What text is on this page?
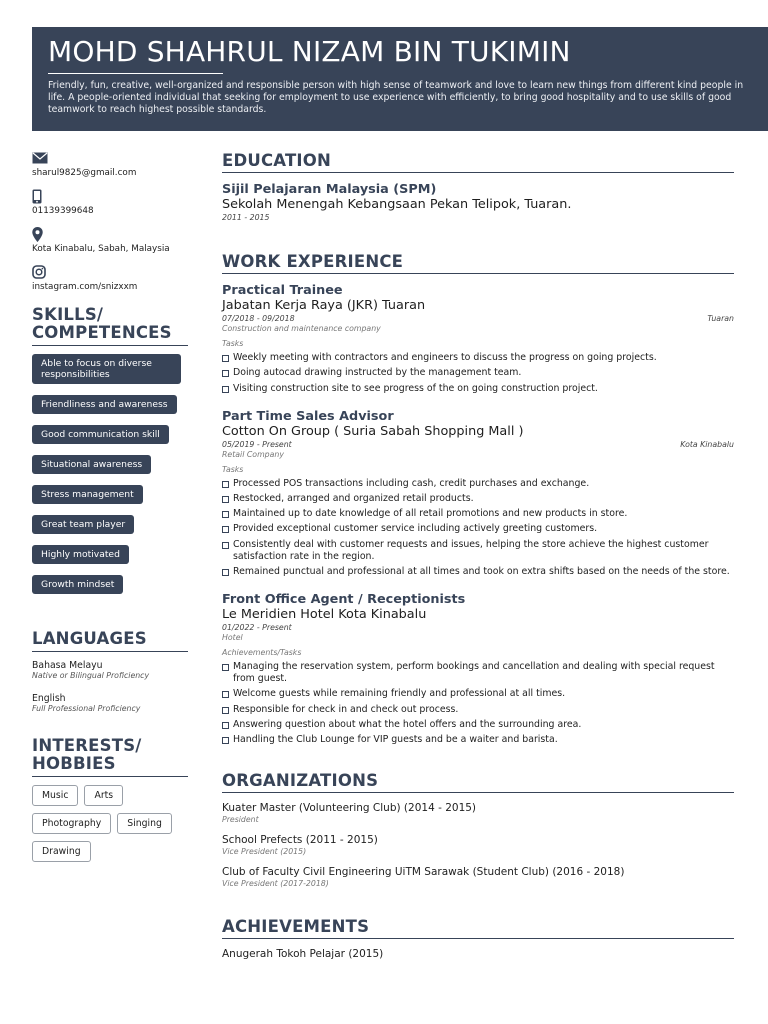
MOHD SHAHRUL NIZAM BIN TUKIMIN
Friendly, fun, creative, well-organized and responsible person with high sense of teamwork and love to learn new things from different kind people in life. A people-oriented individual that seeking for employment to use experience with efficiently, to bring good hospitality and to use skills of good teamwork to reach highest possible standards.
sharul9825@gmail.com
01139399648
Kota Kinabalu, Sabah, Malaysia
instagram.com/snizxxm
SKILLS/ COMPETENCES
Able to focus on diverse responsibilities
Friendliness and awareness
Good communication skill
Situational awareness
Stress management
Great team player
Highly motivated
Growth mindset
LANGUAGES
Bahasa Melayu
Native or Bilingual Proficiency
English
Full Professional Proficiency
INTERESTS/ HOBBIES
Music	Arts
Photography	Singing
Drawing
EDUCATION
Sijil Pelajaran Malaysia (SPM)
Sekolah Menengah Kebangsaan Pekan Telipok, Tuaran.
2011 - 2015
WORK EXPERIENCE
Practical Trainee
Jabatan Kerja Raya (JKR) Tuaran
07/2018 - 09/2018	Tuaran
Construction and maintenance company
Tasks
Weekly meeting with contractors and engineers to discuss the progress on going projects.
Doing autocad drawing instructed by the management team.
Visiting construction site to see progress of the on going construction project.
Part Time Sales Advisor
Cotton On Group ( Suria Sabah Shopping Mall )
05/2019 - Present	Kota Kinabalu
Retail Company
Tasks
Processed POS transactions including cash, credit purchases and exchange.
Restocked, arranged and organized retail products.
Maintained up to date knowledge of all retail promotions and new products in store.
Provided exceptional customer service including actively greeting customers.
Consistently deal with customer requests and issues, helping the store achieve the highest customer satisfaction rate in the region.
Remained punctual and professional at all times and took on extra shifts based on the needs of the store.
Front Office Agent / Receptionists
Le Meridien Hotel Kota Kinabalu
01/2022 - Present
Hotel
Achievements/Tasks
Managing the reservation system, perform bookings and cancellation and dealing with special request from guest.
Welcome guests while remaining friendly and professional at all times.
Responsible for check in and check out process.
Answering question about what the hotel offers and the surrounding area.
Handling the Club Lounge for VIP guests and be a waiter and barista.
ORGANIZATIONS
Kuater Master (Volunteering Club) (2014 - 2015)
President
School Prefects (2011 - 2015)
Vice President (2015)
Club of Faculty Civil Engineering UiTM Sarawak (Student Club) (2016 - 2018)
Vice President (2017-2018)
ACHIEVEMENTS
Anugerah Tokoh Pelajar (2015)
